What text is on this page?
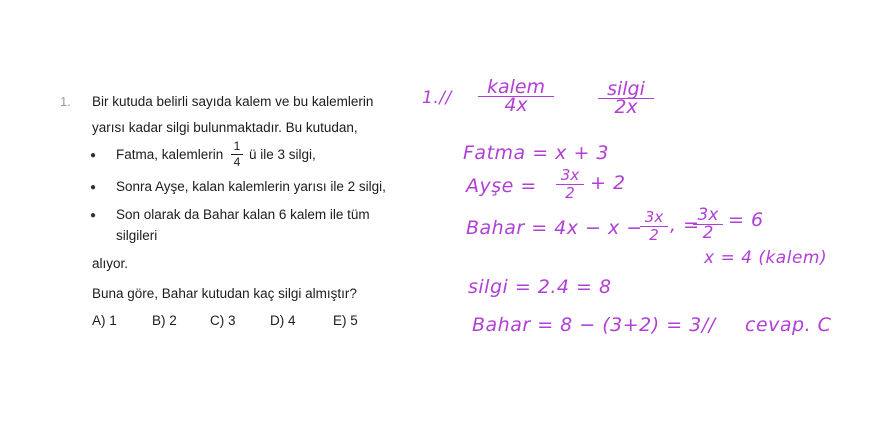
1. Bir kutuda belirli sayıda kalem ve bu kalemlerin
yarısı kadar silgi bulunmaktadır. Bu kutudan,
● Fatma, kalemlerin
1
4 ü ile 3 silgi,
● Sonra Ayşe, kalan kalemlerin yarısı ile 2 silgi,
● Son olarak da Bahar kalan 6 kalem ile tüm
silgileri
alıyor.
Buna göre, Bahar kutudan kaç silgi almıştır?
A) 1	B) 2 C) 3	D) 4	E) 5
1.//	kalem
4x
silgi
2x
Fatma = x + 3
Ayşe =	3x
2 + 2
Bahar = 4x − x − 3x
2 , =
3x
2
= 6
x = 4 (kalem)
silgi = 2.4 = 8
Bahar = 8 − (3+2) = 3// cevap. C
